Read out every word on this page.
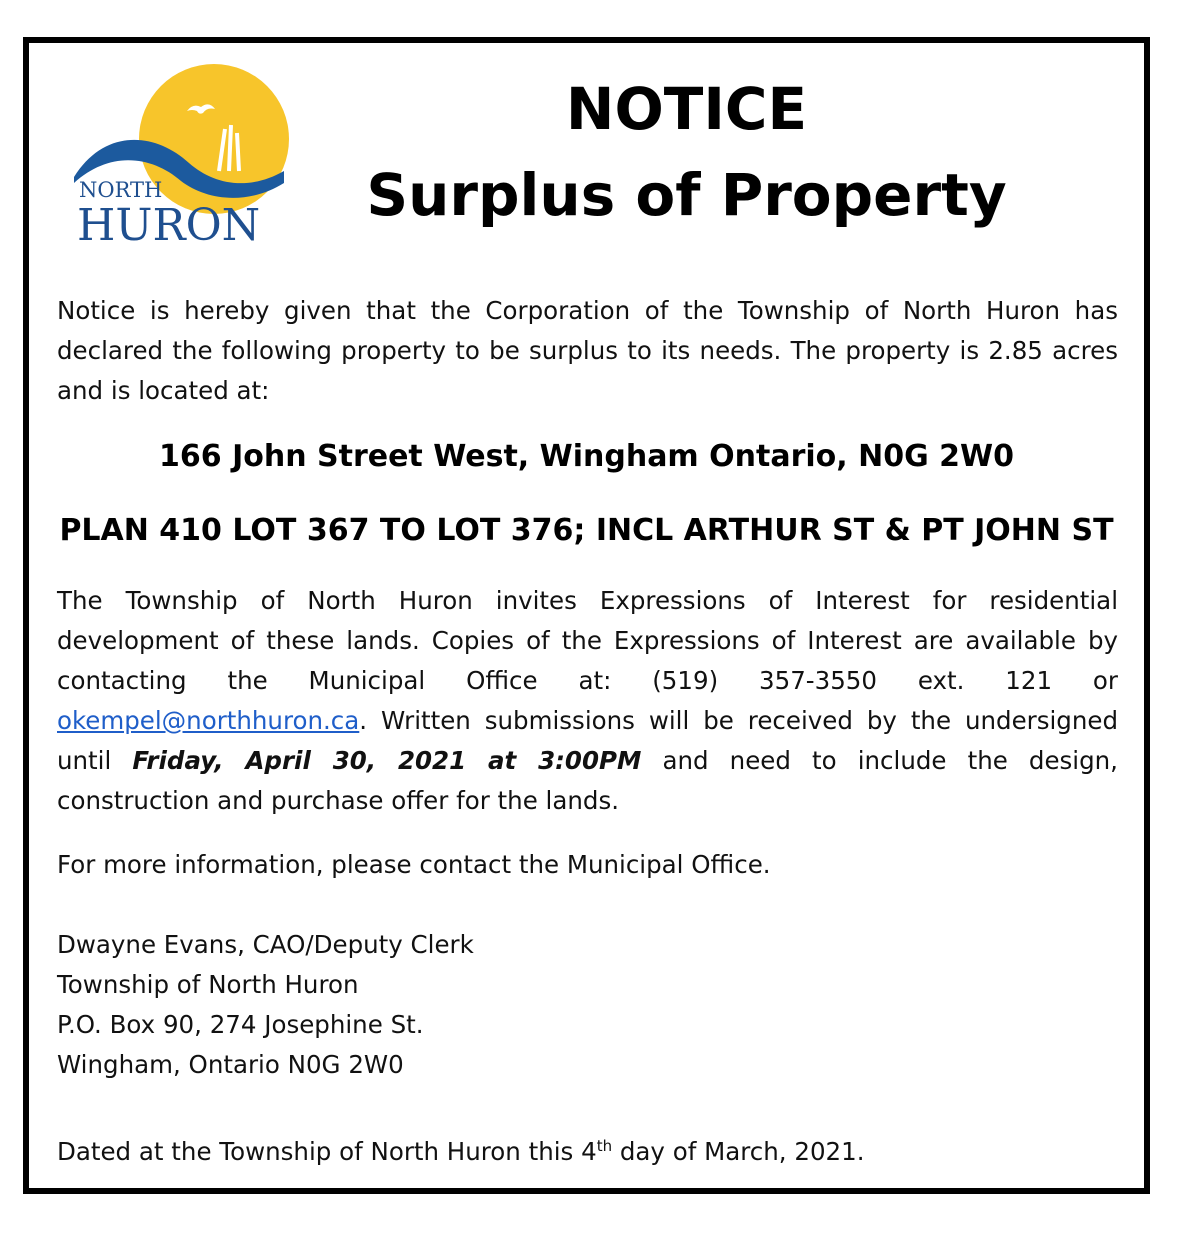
NORTH
HURON
NOTICE
Surplus of Property
Notice is hereby given that the Corporation of the Township of North Huron has declared the following property to be surplus to its needs. The property is 2.85 acres and is located at:
166 John Street West, Wingham Ontario, N0G 2W0
PLAN 410 LOT 367 TO LOT 376; INCL ARTHUR ST & PT JOHN ST
The Township of North Huron invites Expressions of Interest for residential development of these lands. Copies of the Expressions of Interest are available by contacting the Municipal Office at: (519) 357-3550 ext. 121 or okempel@northhuron.ca. Written submissions will be received by the undersigned until Friday, April 30, 2021 at 3:00PM and need to include the design, construction and purchase offer for the lands.
For more information, please contact the Municipal Office.
Dwayne Evans, CAO/Deputy Clerk
Township of North Huron
P.O. Box 90, 274 Josephine St.
Wingham, Ontario N0G 2W0
Dated at the Township of North Huron this 4th day of March, 2021.
